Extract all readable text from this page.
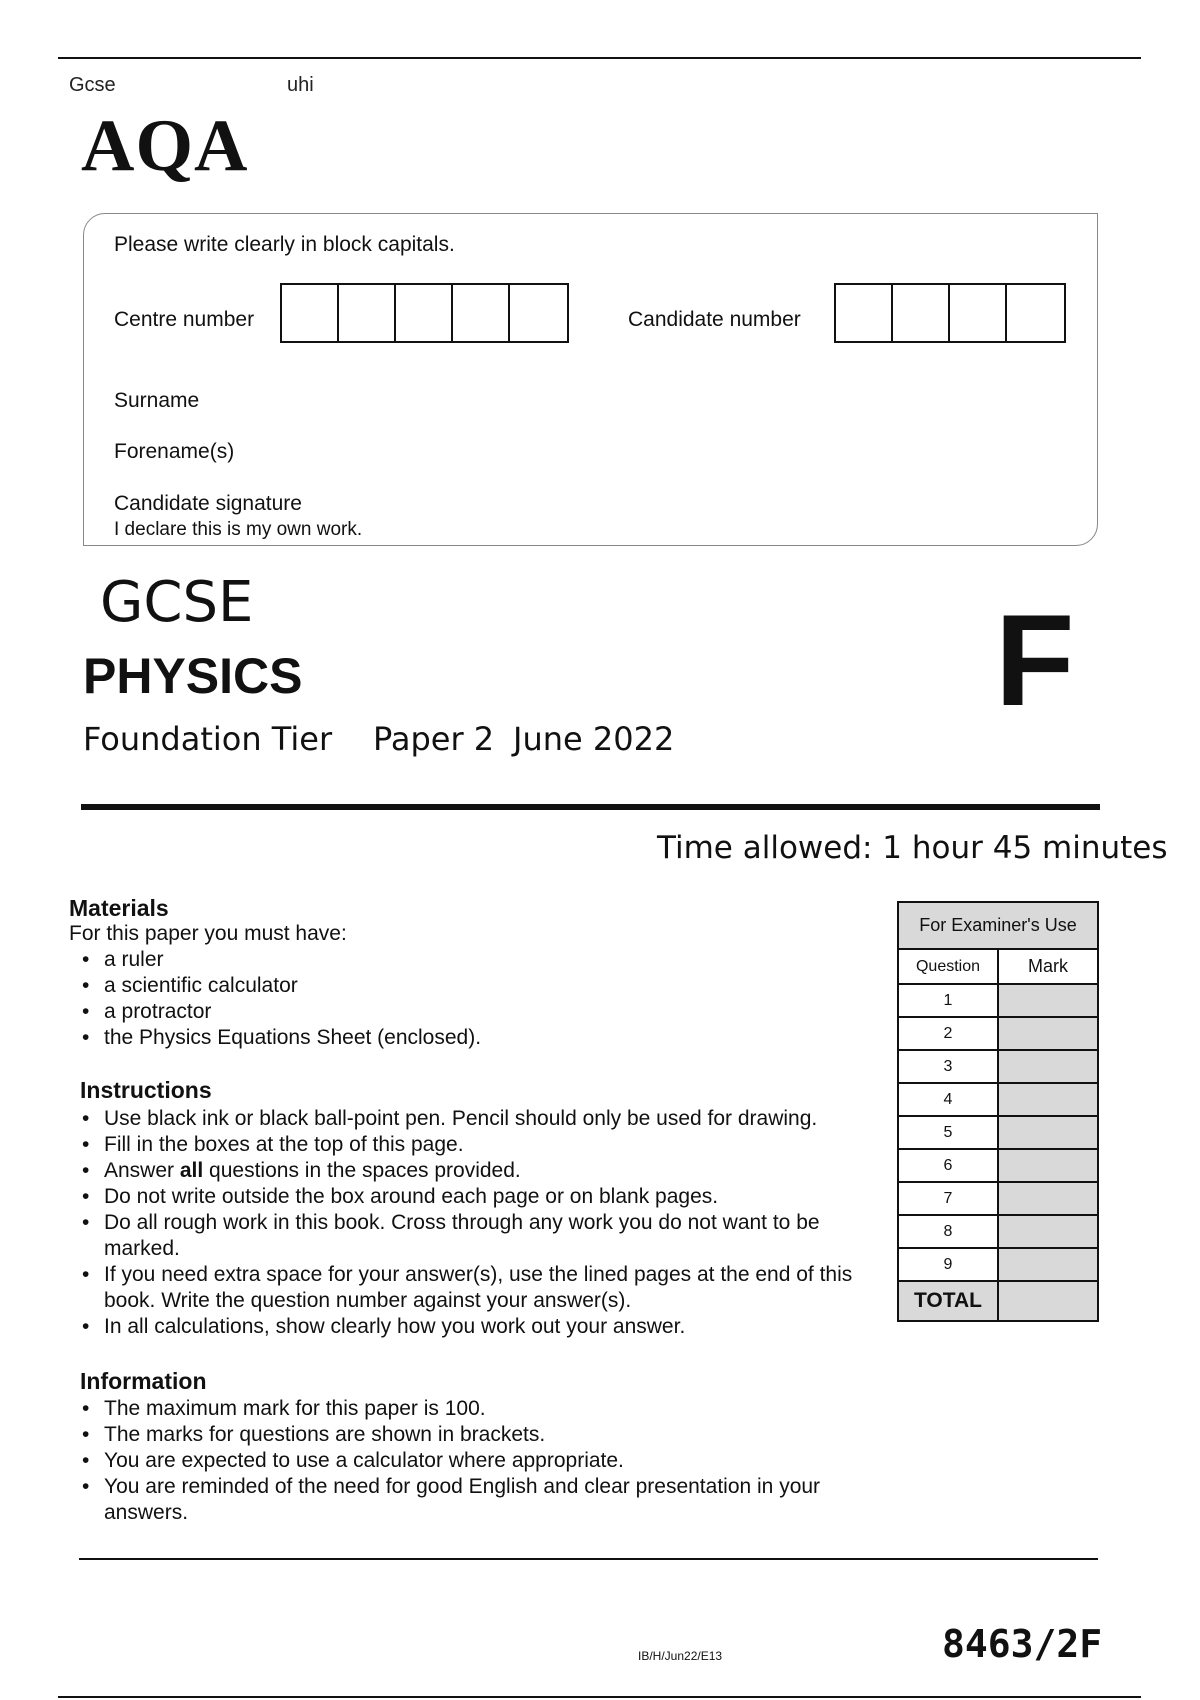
Gcse	uhi
AQA
Please write clearly in block capitals.
Centre number	Candidate number
Surname
Forename(s)
Candidate signature
I declare this is my own work.
GCSE
PHYSICS
Foundation Tier Paper 2 June 2022
F
Time allowed: 1 hour 45 minutes
Materials
For this paper you must have:
• a ruler
• a scientific calculator
• a protractor
• the Physics Equations Sheet (enclosed).
Instructions
• Use black ink or black ball-point pen. Pencil should only be used for drawing.
• Fill in the boxes at the top of this page.
• Answer all questions in the spaces provided.
• Do not write outside the box around each page or on blank pages.
• Do all rough work in this book. Cross through any work you do not want to be marked.
• If you need extra space for your answer(s), use the lined pages at the end of this book. Write the question number against your answer(s).
• In all calculations, show clearly how you work out your answer.
Information
• The maximum mark for this paper is 100.
• The marks for questions are shown in brackets.
• You are expected to use a calculator where appropriate.
• You are reminded of the need for good English and clear presentation in your answers.
For Examiner's Use	
Question	Mark
1	
2	
3	
4	
5	
6	
7	
8	
9	
TOTAL	
IB/H/Jun22/E13	8463/2F
